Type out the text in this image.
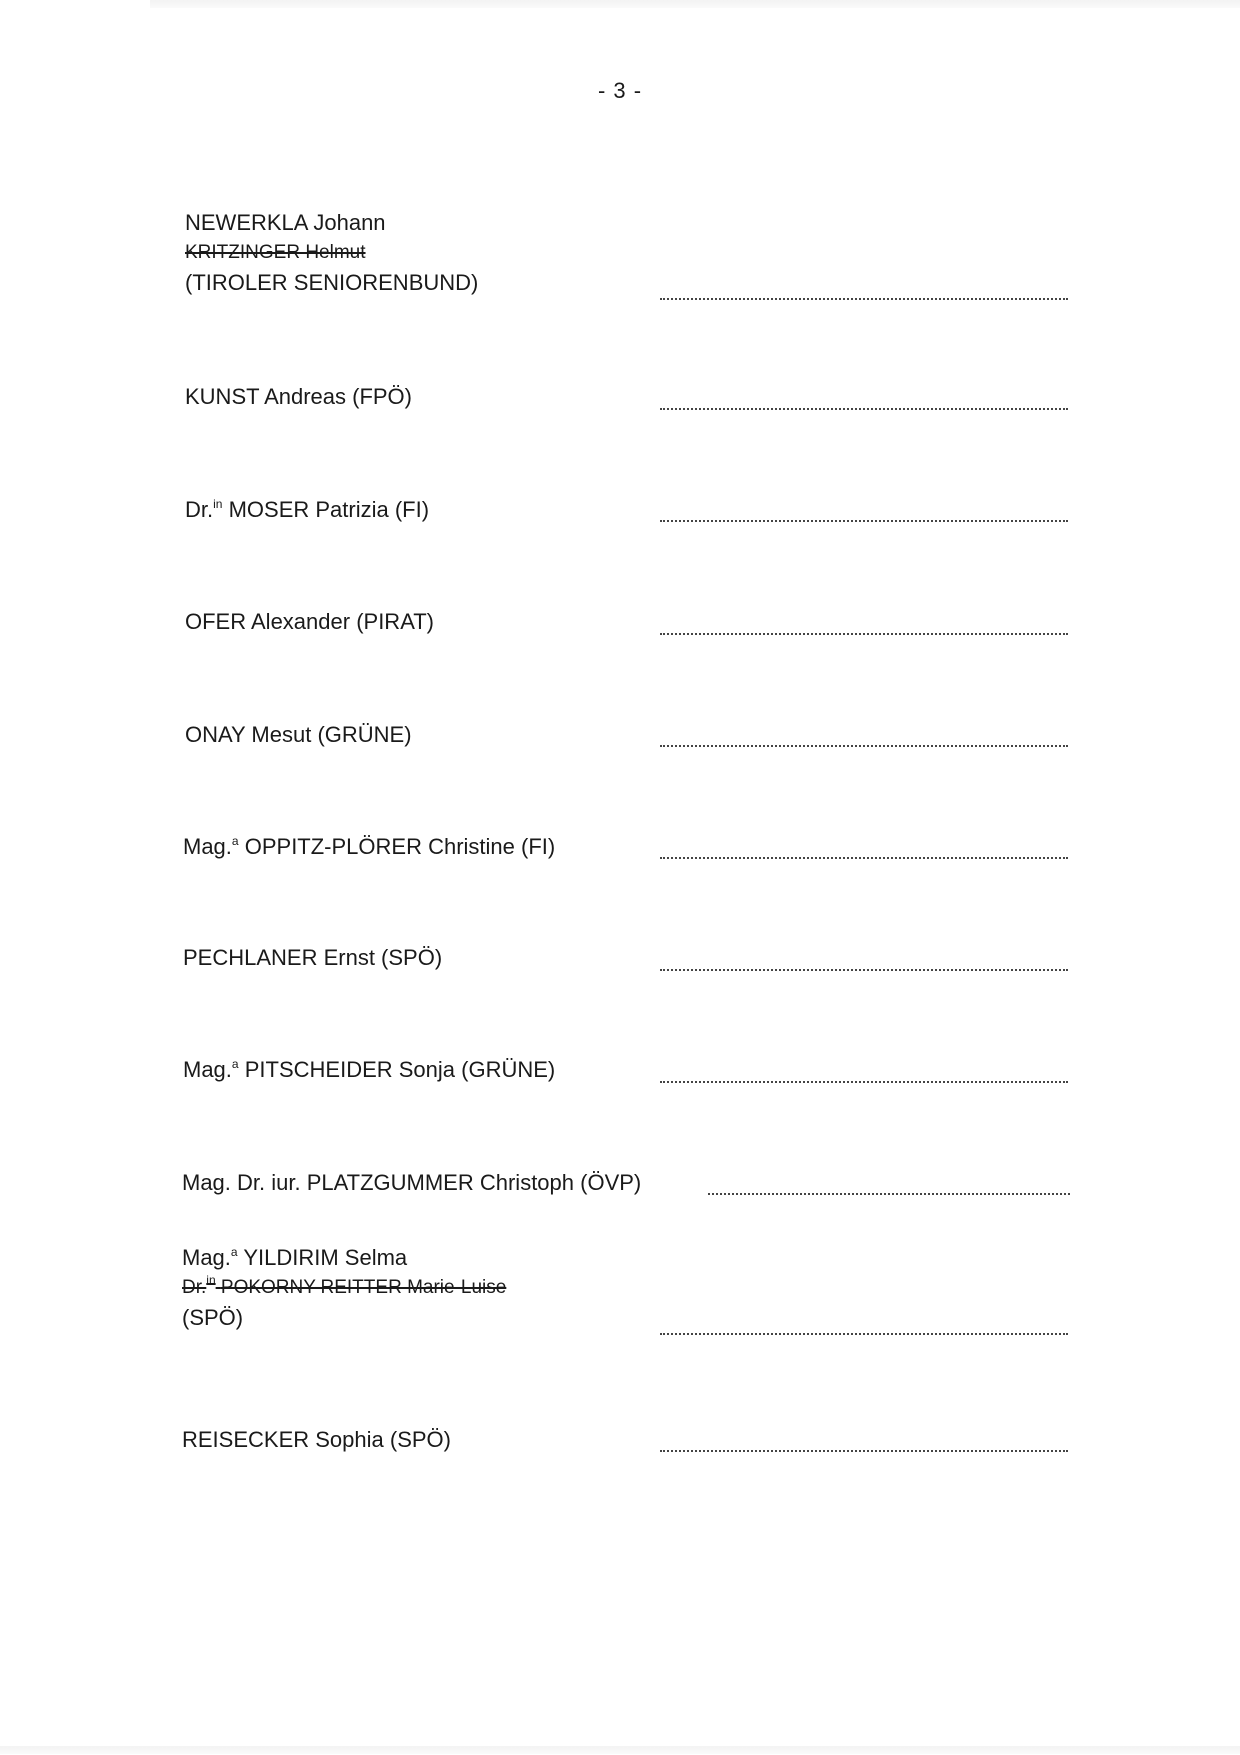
- 3 -
NEWERKLA Johann
KRITZINGER Helmut
(TIROLER SENIORENBUND)
KUNST Andreas (FPÖ)
Dr.$^{in}$ MOSER Patrizia (FI)
OFER Alexander (PIRAT)
ONAY Mesut (GRÜNE)
Mag.$^a$ OPPITZ-PLÖRER Christine (FI)
PECHLANER Ernst (SPÖ)
Mag.$^a$ PITSCHEIDER Sonja (GRÜNE)
Mag. Dr. iur. PLATZGUMMER Christoph (ÖVP)
Mag.$^a$ YILDIRIM Selma
Dr.$^{in}$ POKORNY-REITTER Marie-Luise
(SPÖ)
REISECKER Sophia (SPÖ)
